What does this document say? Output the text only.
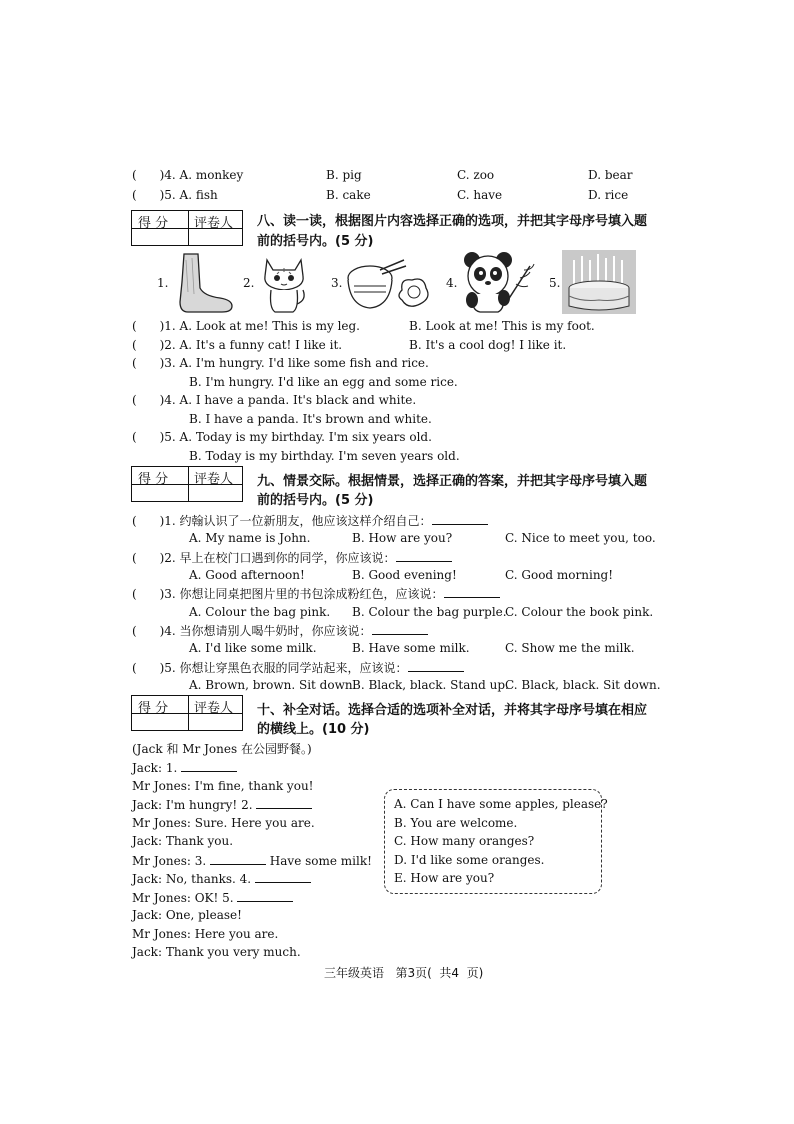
(      )4. A. monkey	B. pig	C. zoo	D. bear
(      )5. A. fish	B. cake	C. have	D. rice
得 分 评卷人 八、读一读，根据图片内容选择正确的选项，并把其字母序号填入题
前的括号内。(5 分)
1.	2.	3.	4.	5.
(      )1. A. Look at me! This is my leg.	B. Look at me! This is my foot.
(      )2. A. It's a funny cat! I like it.	B. It's a cool dog! I like it.
(      )3. A. I'm hungry. I'd like some fish and rice.
B. I'm hungry. I'd like an egg and some rice.
(      )4. A. I have a panda. It's black and white.
B. I have a panda. It's brown and white.
(      )5. A. Today is my birthday. I'm six years old.
B. Today is my birthday. I'm seven years old.
得 分 评卷人 九、情景交际。根据情景，选择正确的答案，并把其字母序号填入题
前的括号内。(5 分)
(      )1. 约翰认识了一位新朋友，他应该这样介绍自己：
A. My name is John.	B. How are you?	C. Nice to meet you, too.
(      )2. 早上在校门口遇到你的同学，你应该说：
A. Good afternoon!	B. Good evening!	C. Good morning!
(      )3. 你想让同桌把图片里的书包涂成粉红色，应该说：
A. Colour the bag pink. B. Colour the bag purple.
C. Colour the book pink.
(      )4. 当你想请别人喝牛奶时，你应该说：
A. I'd like some milk.	B. Have some milk.	C. Show me the milk.
(      )5. 你想让穿黑色衣服的同学站起来，应该说：
A. Brown, brown. Sit down.
B. Black, black. Stand up.
C. Black, black. Sit down.
得 分 评卷人 十、补全对话。选择合适的选项补全对话，并将其字母序号填在相应
的横线上。(10 分)
(Jack 和 Mr Jones 在公园野餐。)
Jack: 1.
Mr Jones: I'm fine, thank you!
Jack: I'm hungry! 2.
Mr Jones: Sure. Here you are.
Jack: Thank you.
Mr Jones: 3.	Have some milk!
Jack: No, thanks. 4.
Mr Jones: OK! 5.
Jack: One, please!
Mr Jones: Here you are.
Jack: Thank you very much.
A. Can I have some apples, please?
B. You are welcome.
C. How many oranges?
D. I'd like some oranges.
E. How are you?
三年级英语   第3页(  共4  页)
